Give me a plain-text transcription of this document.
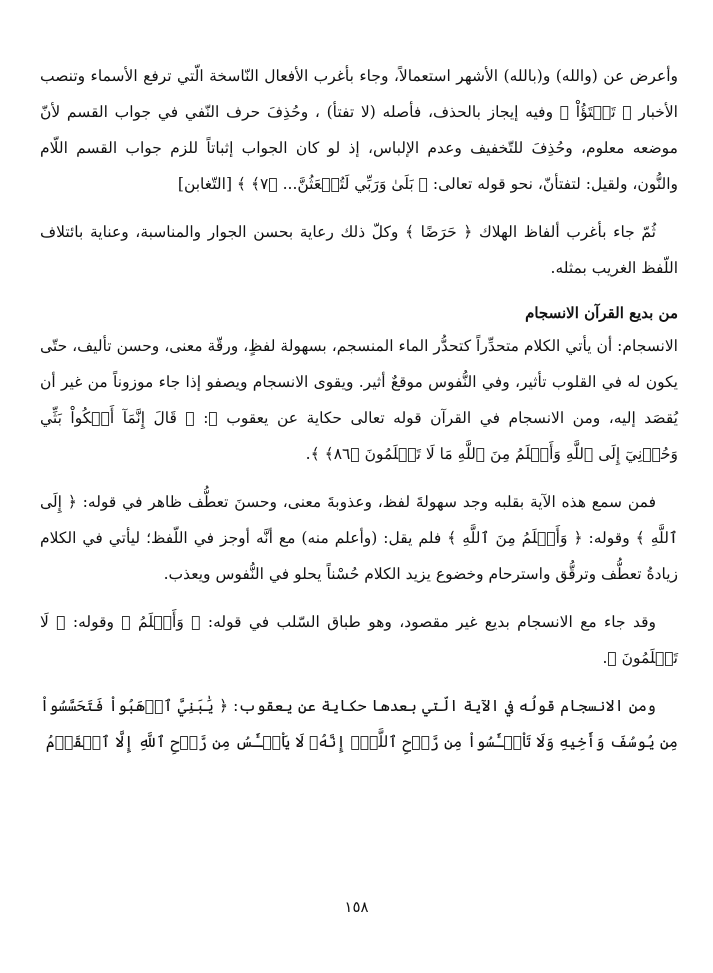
وأعرض عن (والله) و(بالله) الأشهر استعمالاً، وجاء بأغرب الأفعال النّاسخة الّتي ترفع الأسماء وتنصب الأخبار ﴿ تَفۡتَؤُاْ ﴾ وفيه إيجاز بالحذف، فأصله (لا تفتأ) ، وحُذِفَ حرف النّفي في جواب القسم لأنّ موضعه معلوم، وحُذِفَ للتّخفيف وعدم الإلباس، إذ لو كان الجواب إثباتاً للزم جواب القسم اللّام والنُّون، ولقيل: لتفتأنّ، نحو قوله تعالى: ﴿ بَلَىٰ وَرَبِّي لَتُبۡعَثُنَّ... ﴿٧﴾ ﴾ [التّغابن]

ثُمّ جاء بأغرب ألفاظ الهلاك ﴿ حَرَضًا ﴾ وكلّ ذلك رعاية بحسن الجوار والمناسبة، وعناية بائتلاف اللّفظ الغريب بمثله.

من بديع القرآن الانسجام

الانسجام: أن يأتي الكلام متحدِّراً كتحدُّر الماء المنسجم، بسهولة لفظٍ، ورقّة معنى، وحسن تأليف، حتّى يكون له في القلوب تأثير، وفي النُّفوس موقعٌ أثير. ويقوى الانسجام ويصفو إذا جاء موزوناً من غير أن يُقصَد إليه، ومن الانسجام في القرآن قوله تعالى حكاية عن يعقوب ﷺ: ﴿ قَالَ إِنَّمَآ أَشۡكُواْ بَثِّي وَحُزۡنِيٓ إِلَى ٱللَّهِ وَأَعۡلَمُ مِنَ ٱللَّهِ مَا لَا تَعۡلَمُونَ ﴿٨٦﴾ ﴾.

فمن سمع هذه الآية بقلبه وجد سهولةَ لفظ، وعذوبةَ معنى، وحسنَ تعطُّف ظاهر في قوله: ﴿ إِلَى ٱللَّهِ ﴾ وقوله: ﴿ وَأَعۡلَمُ مِنَ ٱللَّهِ ﴾ فلم يقل: (وأعلم منه) مع أنَّه أوجز في اللّفظ؛ ليأتي في الكلام زيادةُ تعطُّف وترقُّق واسترحام وخضوع يزيد الكلام حُسْناً يحلو في النُّفوس ويعذب.

وقد جاء مع الانسجام بديع غير مقصود، وهو طباق السّلب في قوله: ﴿ وَأَعۡلَمُ ﴾ وقوله: ﴿ لَا تَعۡلَمُونَ ﴾.

ومن الانسجام قولُه في الآية الّتي بعدها حكاية عن يعقوب: ﴿ يَٰبَنِيَّ ٱذۡهَبُواْ فَتَحَسَّسُواْ مِن يُوسُفَ وَأَخِيهِ وَلَا تَاْيۡـَٔسُواْ مِن رَّوۡحِ ٱللَّهِۖ إِنَّهُۥ لَا يَاْيۡـَٔسُ مِن رَّوۡحِ ٱللَّهِ إِلَّا ٱلۡقَوۡمُ

١٥٨
